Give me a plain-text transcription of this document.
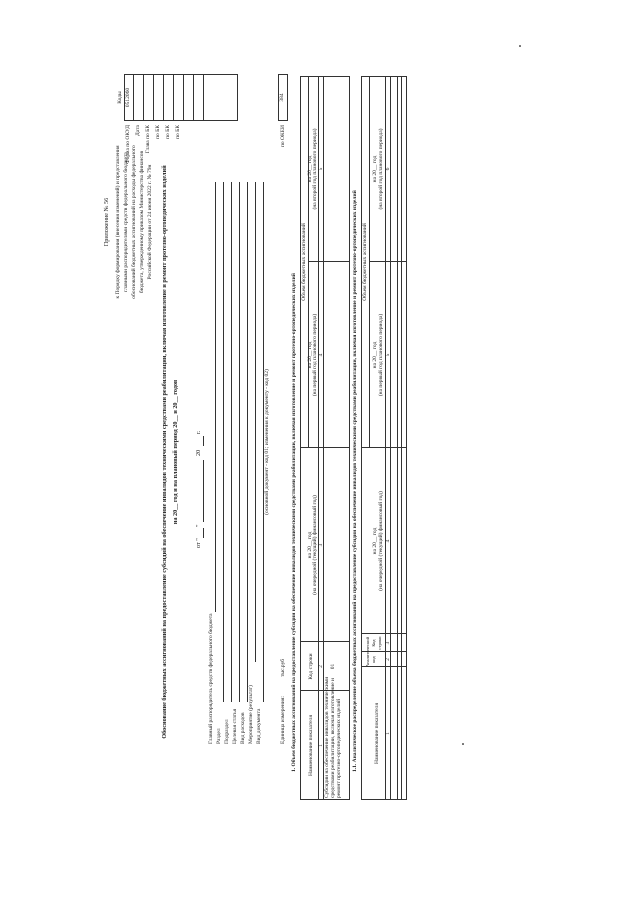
Приложение № 56 к Порядку формирования (внесения изменений) и представления главными распорядителями средств федерального бюджета обоснований бюджетных ассигнований на расходы федерального бюджета, утвержденному приказом Министерства финансов Российской Федерации от 24 июня 2022 г. № 79н Обоснование бюджетных ассигнований на предоставление субсидий на обеспечение инвалидов техническими средствами реабилитации, включая изготовление и ремонт протезно-ортопедических изделий на 20__ год и на плановый период 20__ и 20__ годов
от "
"
20
г.
Коды 0512060
Форма по ОКУД Дата Глава по БК по БК по БК по БК
Главный распорядитель средств федерального бюджета Раздел Подраздел Целевая статья Вид расходов Мероприятие (результат) Вид документа
(основной документ - код 01; изменения к документу - код 02)
Единица измерения:
тыс.руб
по ОКЕИ
384
1. Объем бюджетных ассигнований на предоставление субсидии на обеспечение инвалидов техническими средствами реабилитации, включая изготовление и ремонт протезно-ортопедических изделий Наименование показателя
Код строки
Объем бюджетных ассигнований
на 20__ год (на очередной (текущий) финансовый год)
на 20__ год (на первый год планового периода)
на 20__ год (на второй год планового периода)
1
2
3
4
5
Субсидии на обеспечение инвалидов техническими средствами реабилитации, включая изготовление и ремонт протезно-ортопедических изделий
01	1.1. Аналитическое распределение объема бюджетных ассигнований на предоставление субсидии на обеспечение инвалидов техническими средствами реабилитации, включая изготовление и ремонт протезно-ортопедических изделий	Наименование показателя
Аналитический код
Код строки
Объем бюджетных ассигнований
на 20__ год (на очередной (текущий) финансовый год)
на 20__ год (на первый год планового периода)
на 20__ год (на второй год планового периода)
1
2
3
4
5
6
